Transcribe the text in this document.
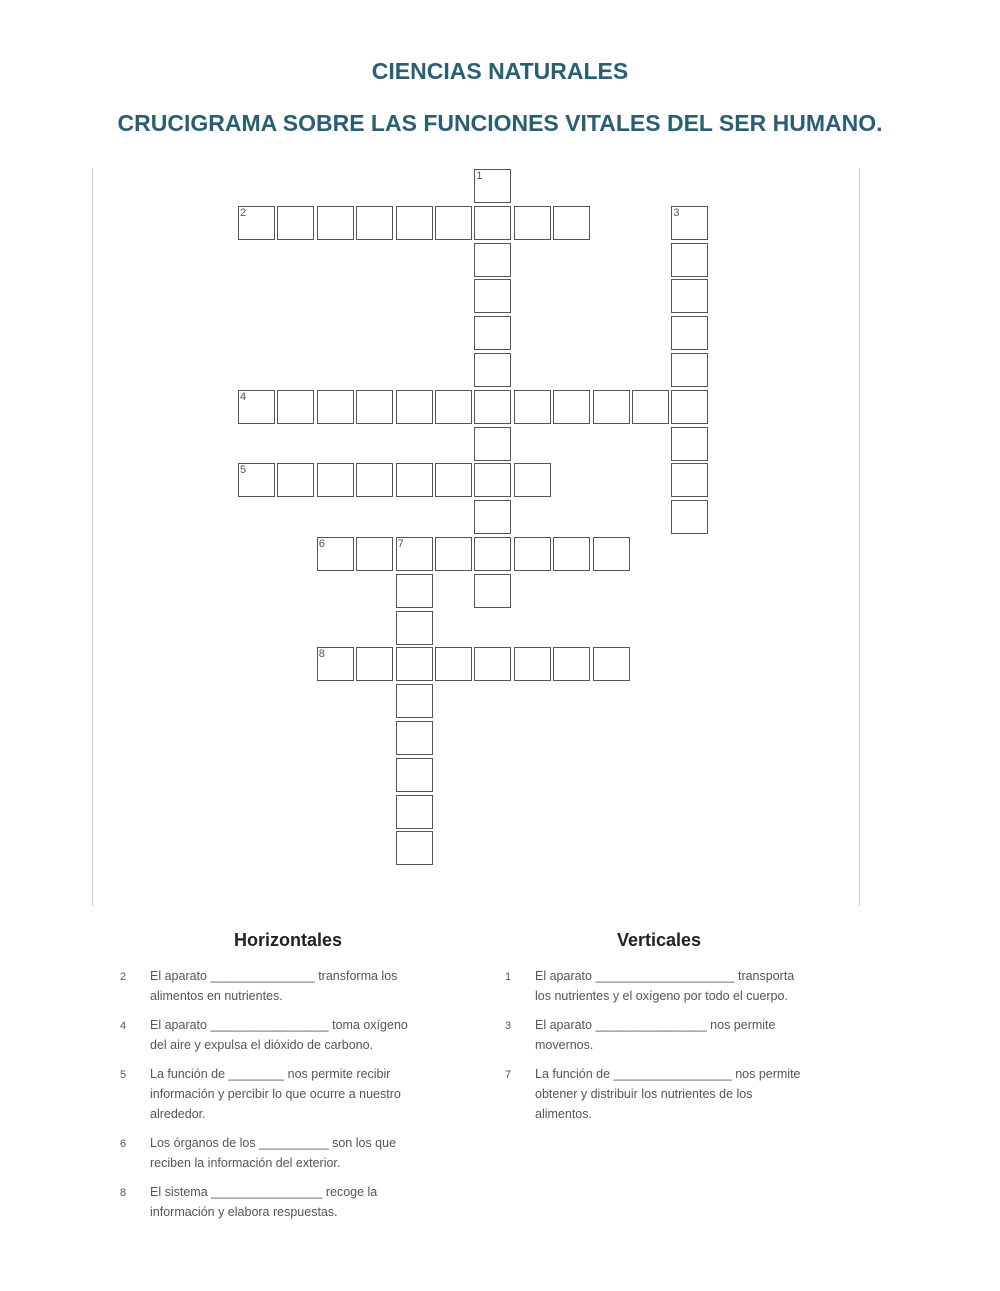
CIENCIAS NATURALES
CRUCIGRAMA SOBRE LAS FUNCIONES VITALES DEL SER HUMANO.
1
2	3
4
5
6	7
8
Horizontales	Verticales
2	El aparato _______________ transforma los
alimentos en nutrientes.
4	El aparato _________________ toma oxígeno
del aire y expulsa el dióxido de carbono.
5	La función de ________ nos permite recibir
información y percibir lo que ocurre a nuestro
alrededor.
6	Los órganos de los __________ son los que
reciben la información del exterior.
8	El sistema ________________ recoge la
información y elabora respuestas.
1	El aparato ____________________ transporta
los nutrientes y el oxígeno por todo el cuerpo.
3	El aparato ________________ nos permite
movernos.
7	La función de _________________ nos permite
obtener y distribuir los nutrientes de los
alimentos.
